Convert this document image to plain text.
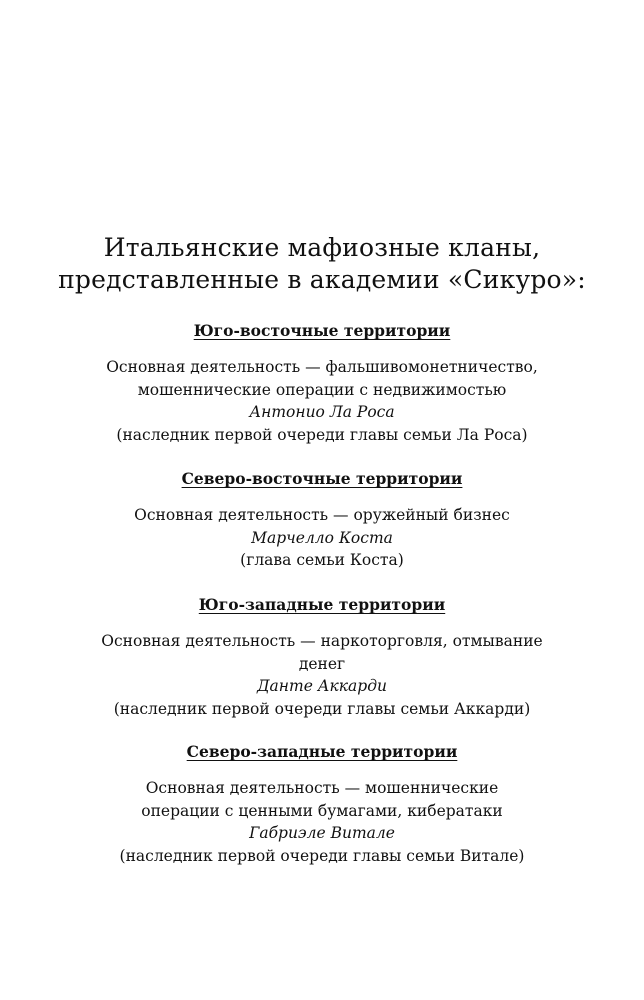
Итальянские мафиозные кланы,
представленные в академии «Сикуро»:
Юго-восточные территории
Основная деятельность — фальшивомонетничество,
мошеннические операции с недвижимостью
Антонио Ла Роса
(наследник первой очереди главы семьи Ла Роса)
Северо-восточные территории
Основная деятельность — оружейный бизнес
Марчелло Коста
(глава семьи Коста)
Юго-западные территории
Основная деятельность — наркоторговля, отмывание
денег
Данте Аккарди
(наследник первой очереди главы семьи Аккарди)
Северо-западные территории
Основная деятельность — мошеннические
операции с ценными бумагами, кибератаки
Габриэле Витале
(наследник первой очереди главы семьи Витале)
